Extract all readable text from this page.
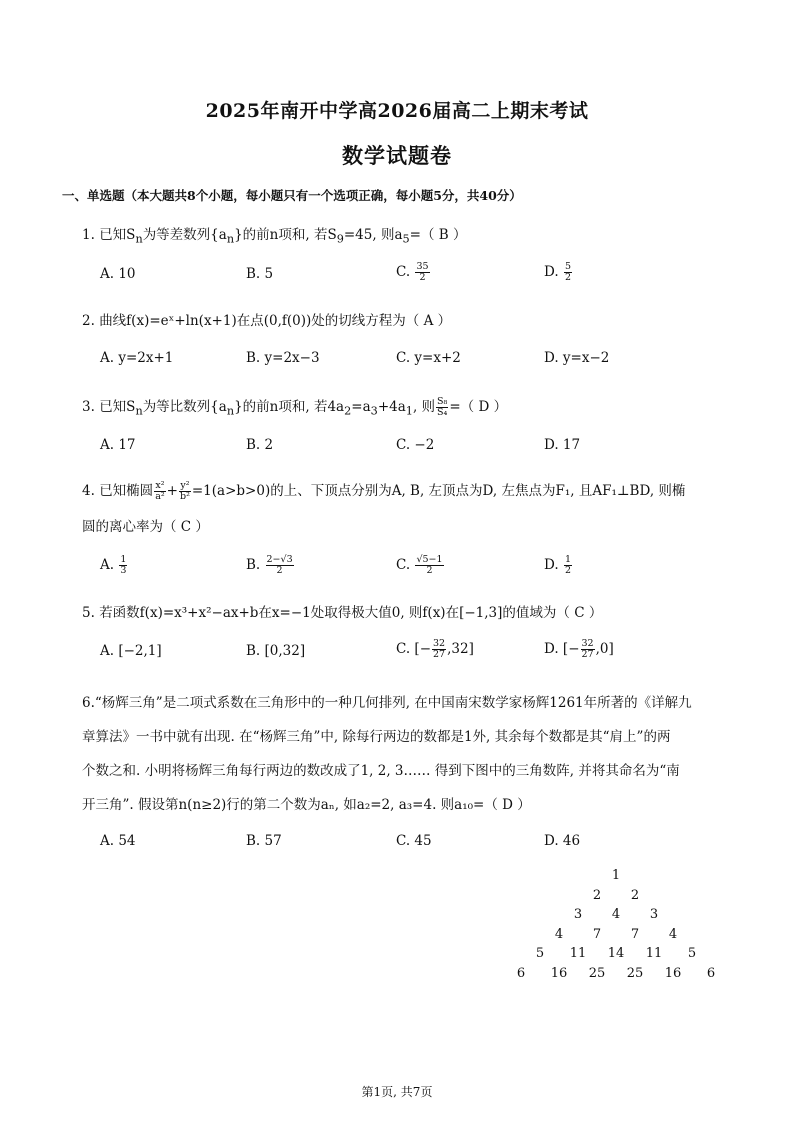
2025年南开中学高2026届高二上期末考试
数学试题卷
一、单选题（本大题共8个小题，每小题只有一个选项正确，每小题5分，共40分）
1. 已知$S_n$为等差数列$\{a_n\}$的前n项和, 若$S_9=45$, 则$a_5=$（ B ）
A. 10	B. 5	C. $\frac{35}{2}$	D. $\frac{5}{2}$
2. 曲线f(x)=eˣ+ln(x+1)在点(0,f(0))处的切线方程为（ A ）
A. y=2x+1	B. y=2x−3	C. y=x+2	D. y=x−2
3. 已知$S_n$为等比数列$\{a_n\}$的前n项和, 若$4a_2=a_3+4a_1$, 则 $\frac{\text{S₈}}{\text{S₄}}$ =（ D ）
A. 17	B. 2	C. −2	D. 17
4. 已知椭圆 $\frac{\text{x²}}{\text{a²}} + \frac{\text{y²}}{\text{b²}} =1(a>b>0)$的上、下顶点分别为A, B, 左顶点为D, 左焦点为F₁, 且AF₁⊥BD, 则椭
圆的离心率为（ C ）
A. $\frac{1}{3}$	B. $\frac{2-√3}{2}$	C. $\frac{√5-1}{2}$	D. $\frac{1}{2}$
5. 若函数f(x)=x³+x²−ax+b在x=−1处取得极大值0, 则f(x)在[−1,3]的值域为（ C ）
A. [−2,1]	B. [0,32]	C. [− $\frac{32}{27} ,32$]	D. [− $\frac{32}{27} ,0$]
6.“杨辉三角”是二项式系数在三角形中的一种几何排列, 在中国南宋数学家杨辉1261年所著的《详解九
章算法》一书中就有出现. 在“杨辉三角”中, 除每行两边的数都是1外, 其余每个数都是其“肩上”的两
个数之和. 小明将杨辉三角每行两边的数改成了1, 2, 3…… 得到下图中的三角数阵, 并将其命名为“南
开三角”. 假设第n(n≥2)行的第二个数为aₙ, 如a₂=2, a₃=4. 则a₁₀=（ D ）
A. 54	B. 57	C. 45	D. 46
1
2	2
3	4	3
4	7	7	4
5	11 14 11	5
6	16 25 25 16	6
第1页, 共7页
